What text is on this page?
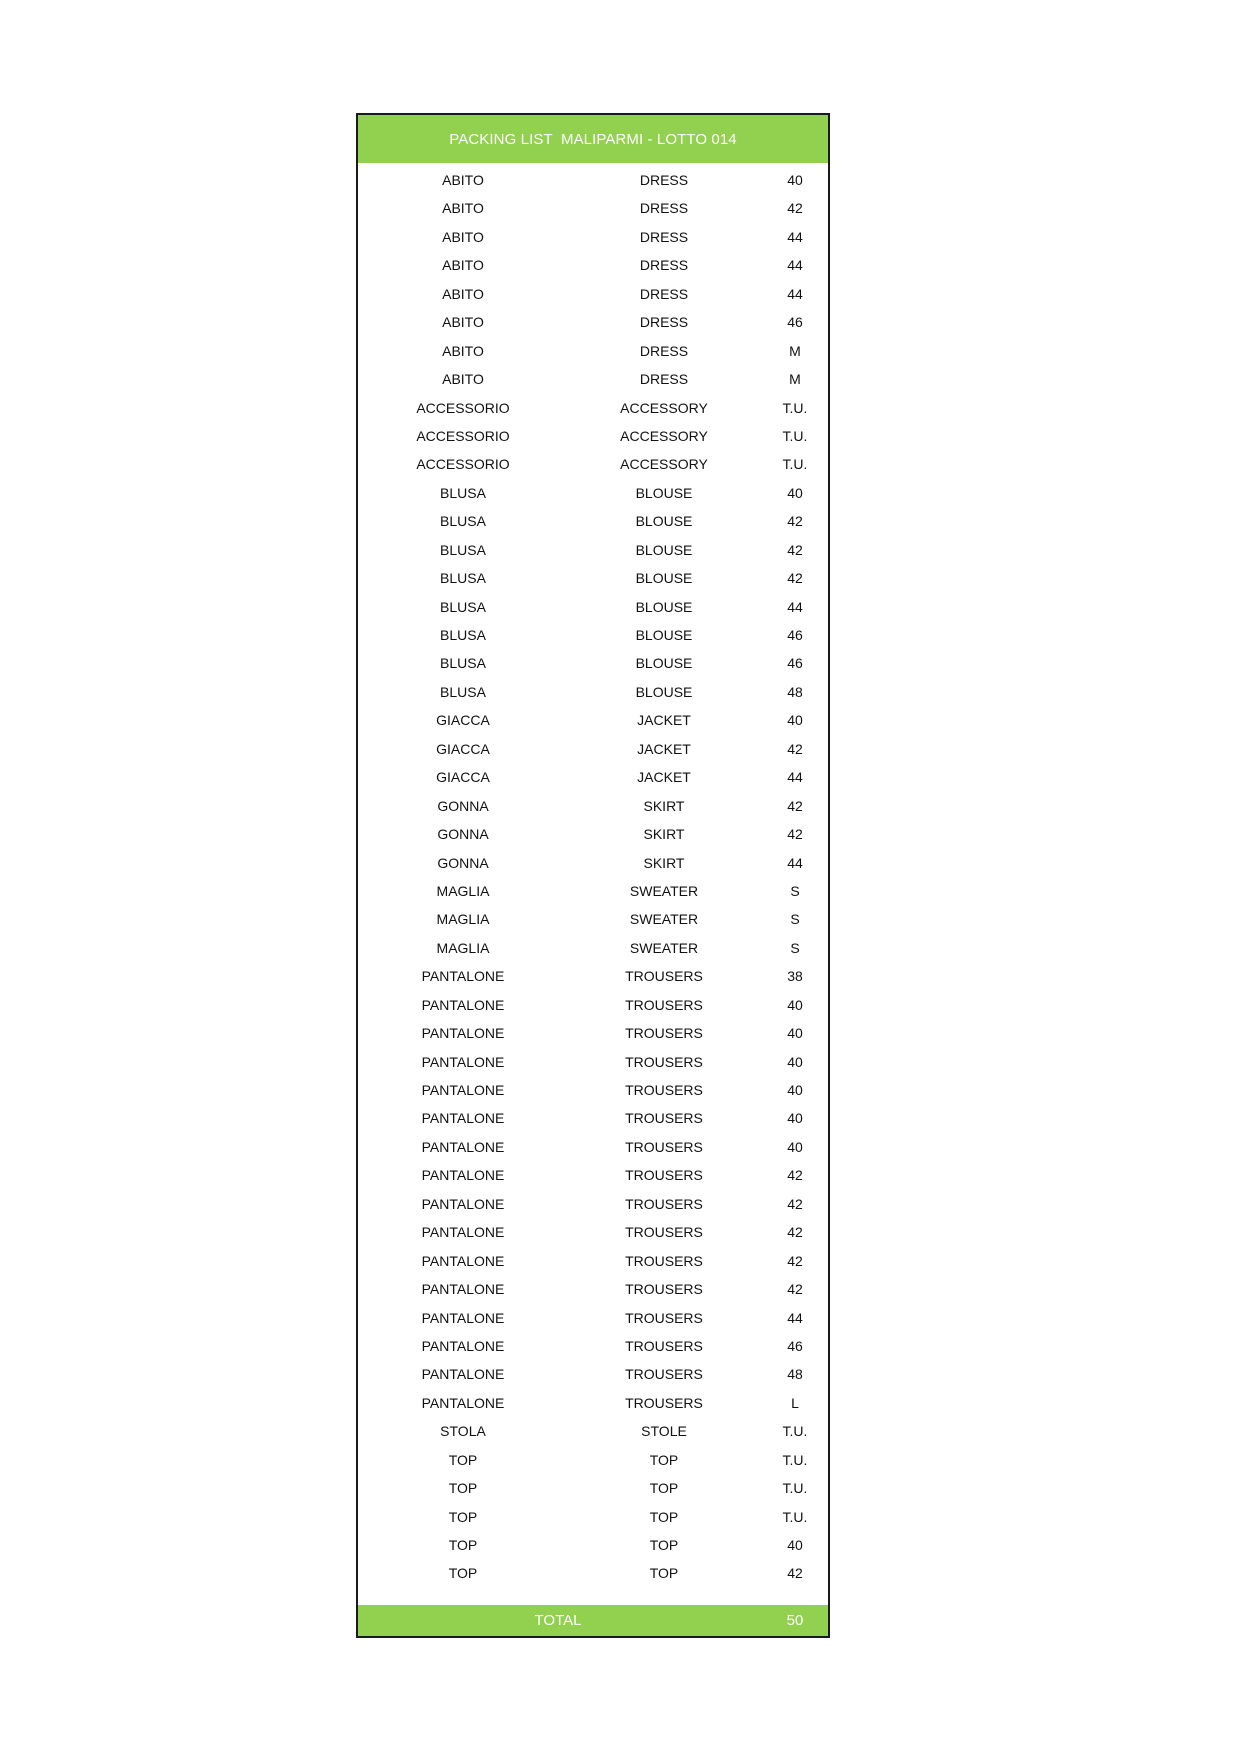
PACKING LIST  MALIPARMI - LOTTO 014
ABITO	DRESS	40
ABITO	DRESS	42
ABITO	DRESS	44
ABITO	DRESS	44
ABITO	DRESS	44
ABITO	DRESS	46
ABITO	DRESS	M
ABITO	DRESS	M
ACCESSORIO	ACCESSORY	T.U.
ACCESSORIO	ACCESSORY	T.U.
ACCESSORIO	ACCESSORY	T.U.
BLUSA	BLOUSE	40
BLUSA	BLOUSE	42
BLUSA	BLOUSE	42
BLUSA	BLOUSE	42
BLUSA	BLOUSE	44
BLUSA	BLOUSE	46
BLUSA	BLOUSE	46
BLUSA	BLOUSE	48
GIACCA	JACKET	40
GIACCA	JACKET	42
GIACCA	JACKET	44
GONNA	SKIRT	42
GONNA	SKIRT	42
GONNA	SKIRT	44
MAGLIA	SWEATER	S
MAGLIA	SWEATER	S
MAGLIA	SWEATER	S
PANTALONE	TROUSERS	38
PANTALONE	TROUSERS	40
PANTALONE	TROUSERS	40
PANTALONE	TROUSERS	40
PANTALONE	TROUSERS	40
PANTALONE	TROUSERS	40
PANTALONE	TROUSERS	40
PANTALONE	TROUSERS	42
PANTALONE	TROUSERS	42
PANTALONE	TROUSERS	42
PANTALONE	TROUSERS	42
PANTALONE	TROUSERS	42
PANTALONE	TROUSERS	44
PANTALONE	TROUSERS	46
PANTALONE	TROUSERS	48
PANTALONE	TROUSERS	L
STOLA	STOLE	T.U.
TOP	TOP	T.U.
TOP	TOP	T.U.
TOP	TOP	T.U.
TOP	TOP	40
TOP	TOP	42
TOTAL	50
